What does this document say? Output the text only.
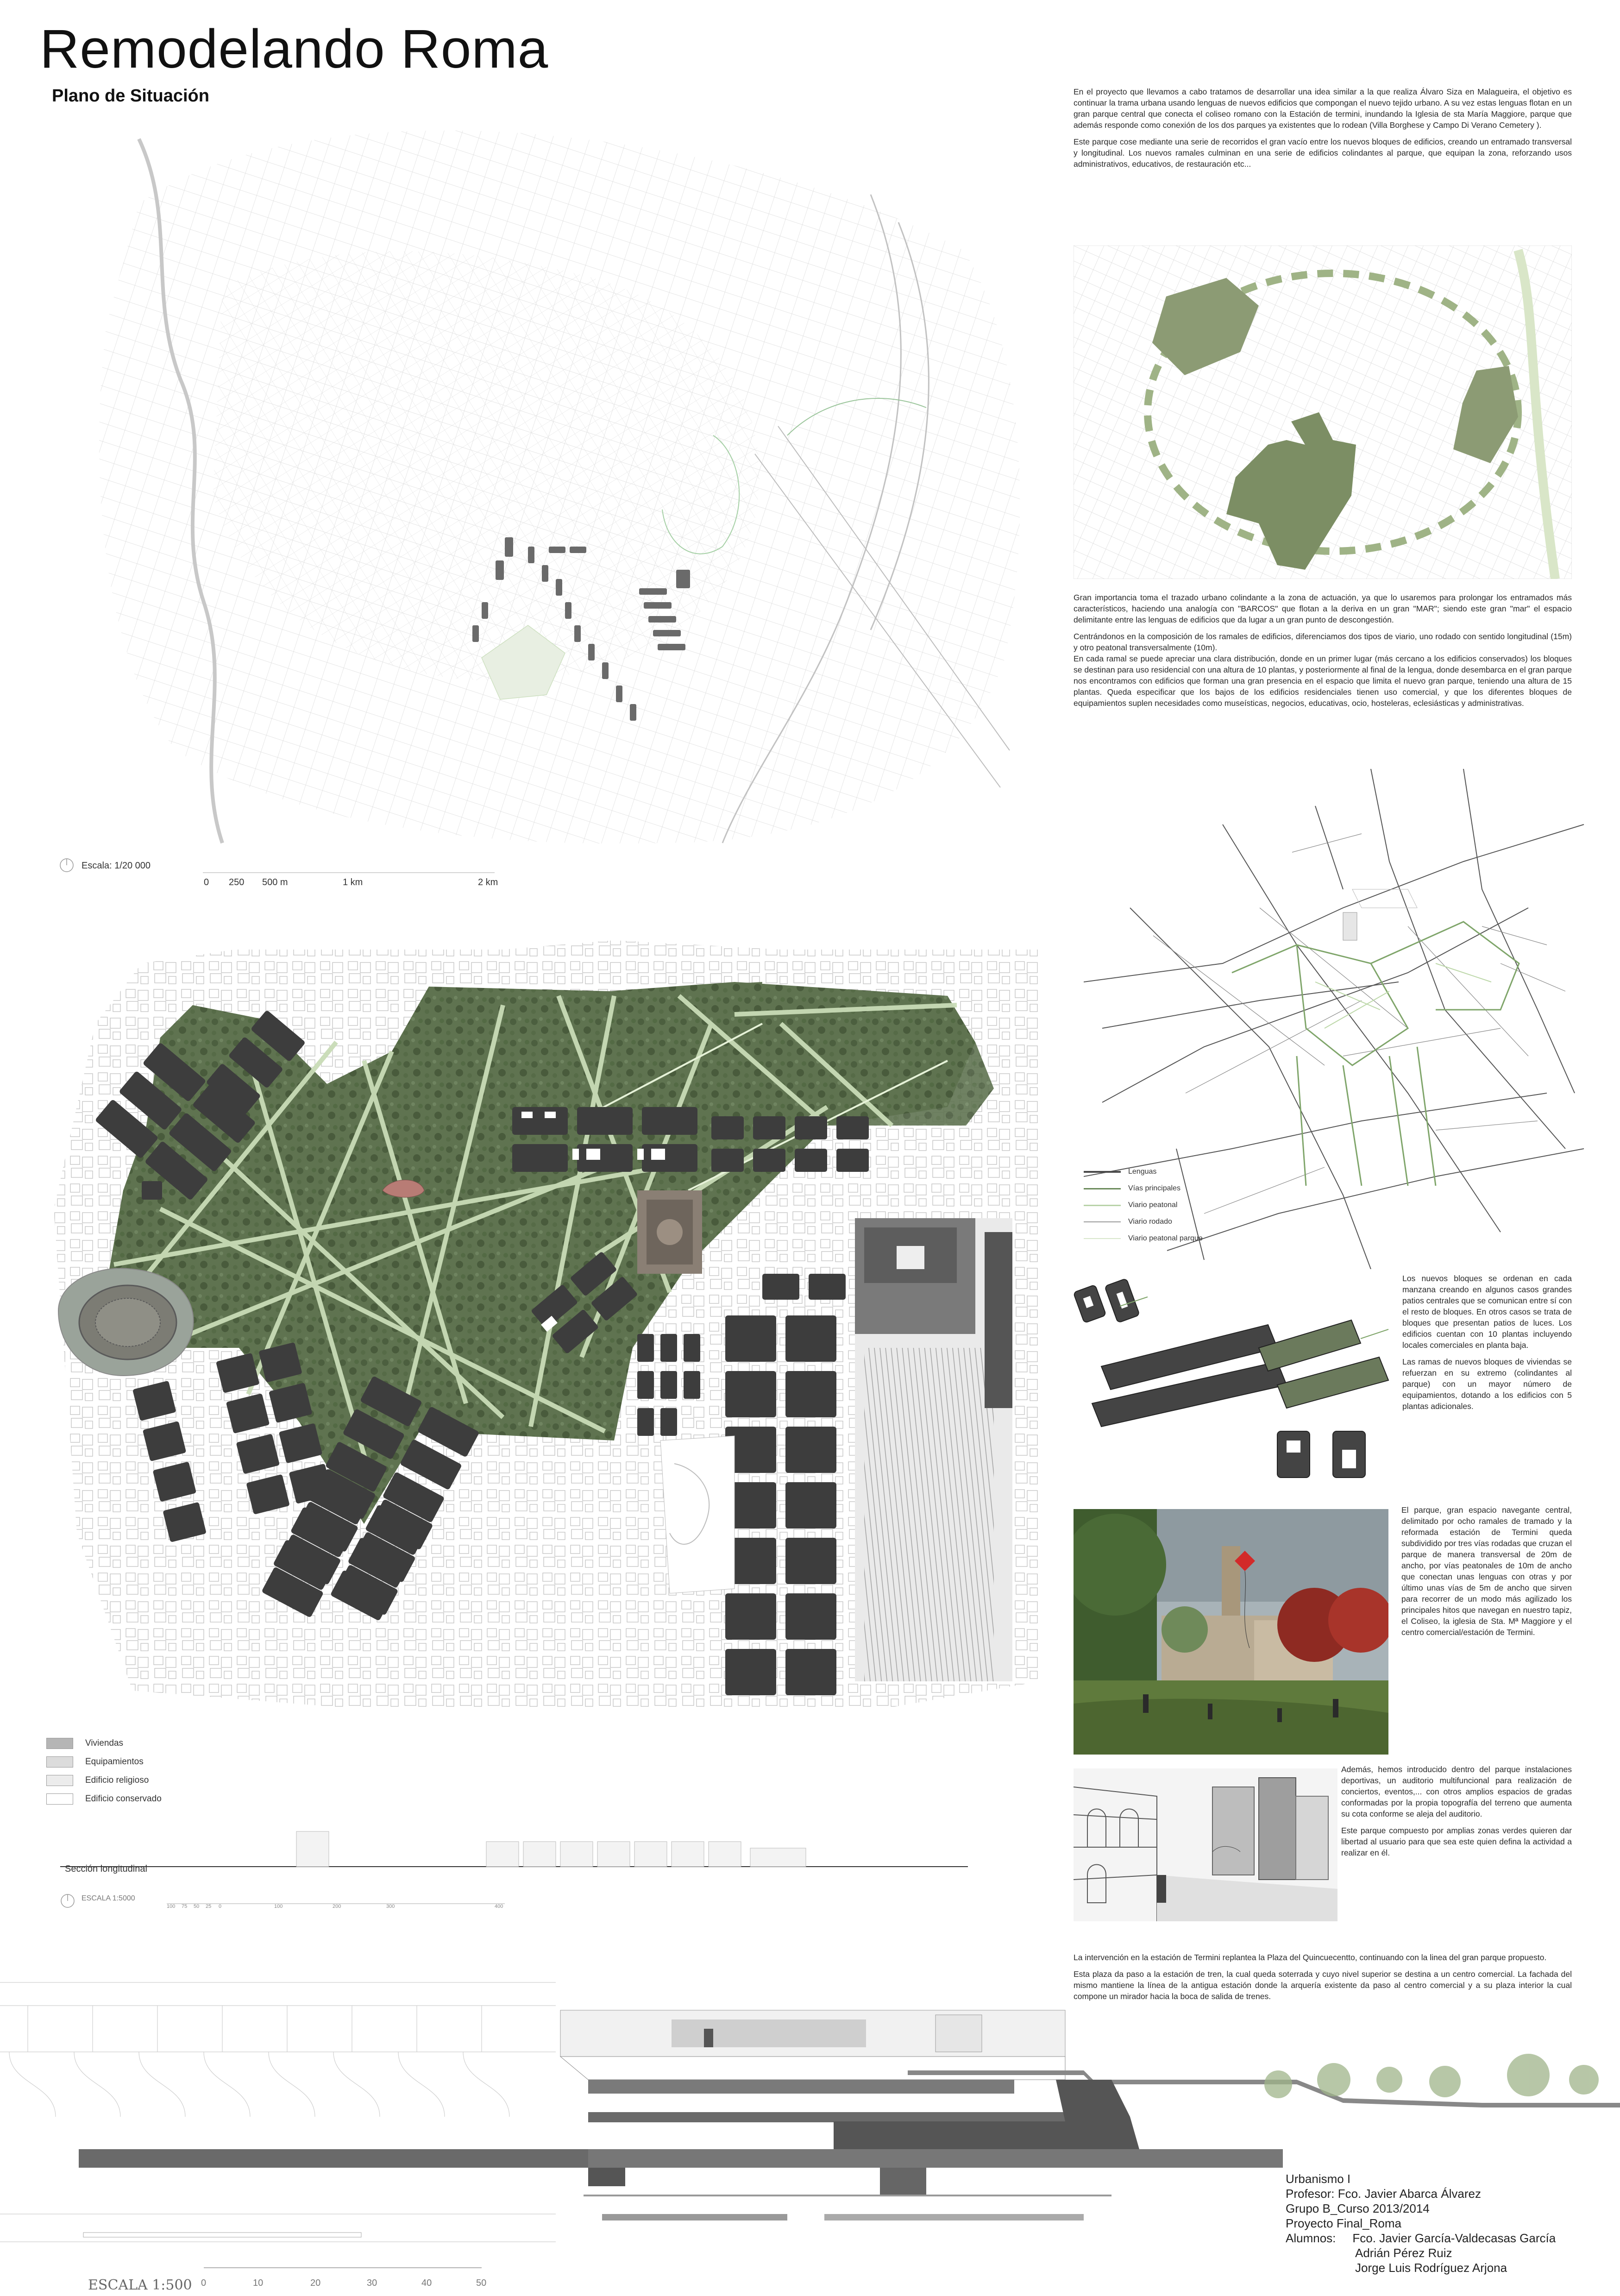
Remodelando Roma
Plano de Situación
Escala: 1/20 000
0 250 500 m	1 km	2 km

En el proyecto que llevamos a cabo tratamos de desarrollar una idea similar a la que realiza Álvaro Siza en Malagueira, el objetivo es continuar la trama urbana usando lenguas de nuevos edificios que compongan el nuevo tejido urbano. A su vez estas lenguas flotan en un gran parque central que conecta el coliseo romano con la Estación de termini, inundando la Iglesia de sta María Maggiore, parque que además responde como conexión de los dos parques ya existentes que lo rodean (Villa Borghese y Campo Di Verano Cemetery ).

Este parque cose mediante una serie de recorridos el gran vacío entre los nuevos bloques de edificios, creando un entramado transversal y longitudinal. Los nuevos ramales culminan en una serie de edificios colindantes al parque, que equipan la zona, reforzando usos administrativos, educativos, de restauración etc...

Gran importancia toma el trazado urbano colindante a la zona de actuación, ya que lo usaremos para prolongar los entramados más característicos, haciendo una analogía con "BARCOS" que flotan a la deriva en un gran "MAR"; siendo este gran "mar" el espacio delimitante entre las lenguas de edificios que da lugar a un gran punto de descongestión.

Centrándonos en la composición de los ramales de edificios, diferenciamos dos tipos de viario, uno rodado con sentido longitudinal (15m) y otro peatonal transversalmente (10m).

En cada ramal se puede apreciar una clara distribución, donde en un primer lugar (más cercano a los edificios conservados) los bloques se destinan para uso residencial con una altura de 10 plantas, y posteriormente al final de la lengua, donde desembarca en el gran parque nos encontramos con edificios que forman una gran presencia en el espacio que limita el nuevo gran parque, teniendo una altura de 15 plantas. Queda especificar que los bajos de los edificios residenciales tienen uso comercial, y que los diferentes bloques de equipamientos suplen necesidades como museísticas, negocios, educativas, ocio, hosteleras, eclesiásticas y administrativas.

Lenguas
Vías principales
Viario peatonal
Viario rodado
Viario peatonal parque
Viviendas
Equipamientos
Edificio religioso
Edificio conservado
Sección longitudinal
ESCALA 1:5000
100 75 50 25 0	100	200	300	400

Los nuevos bloques se ordenan en cada manzana creando en algunos casos grandes patios centrales que se comunican entre sí con el resto de bloques. En otros casos se trata de bloques que presentan patios de luces. Los edificios cuentan con 10 plantas incluyendo locales comerciales en planta baja.

Las ramas de nuevos bloques de viviendas se refuerzan en su extremo (colindantes al parque) con un mayor número de equipamientos, dotando a los edificios con 5 plantas adicionales.

El parque, gran espacio navegante central, delimitado por ocho ramales de tramado y la reformada estación de Termini queda subdividido por tres vías rodadas que cruzan el parque de manera transversal de 20m de ancho, por vías peatonales de 10m de ancho que conectan unas lenguas con otras y por último unas vías de 5m de ancho que sirven para recorrer de un modo más agilizado los principales hitos que navegan en nuestro tapiz, el Coliseo, la iglesia de Sta. Mª Maggiore y el centro comercial/estación de Termini.

Además, hemos introducido dentro del parque instalaciones deportivas, un auditorio multifuncional para realización de conciertos, eventos,... con otros amplios espacios de gradas conformadas por la propia topografía del terreno que aumenta su cota conforme se aleja del auditorio.

Este parque compuesto por amplias zonas verdes quieren dar libertad al usuario para que sea este quien defina la actividad a realizar en él.

La intervención en la estación de Termini replantea la Plaza del Quincuecentto, continuando con la linea del gran parque propuesto.

Esta plaza da paso a la estación de tren, la cual queda soterrada y cuyo nivel superior se destina a un centro comercial. La fachada del mismo mantiene la línea de la antigua estación donde la arquería existente da paso al centro comercial y a su plaza interior la cual compone un mirador hacia la boca de salida de trenes.

ESCALA 1:500 0	10	20	30	40	50
Urbanismo I
Profesor: Fco. Javier Abarca Álvarez
Grupo B_Curso 2013/2014
Proyecto Final_Roma
Alumnos: Fco. Javier García-Valdecasas García
Adrián Pérez Ruiz
Jorge Luis Rodríguez Arjona
